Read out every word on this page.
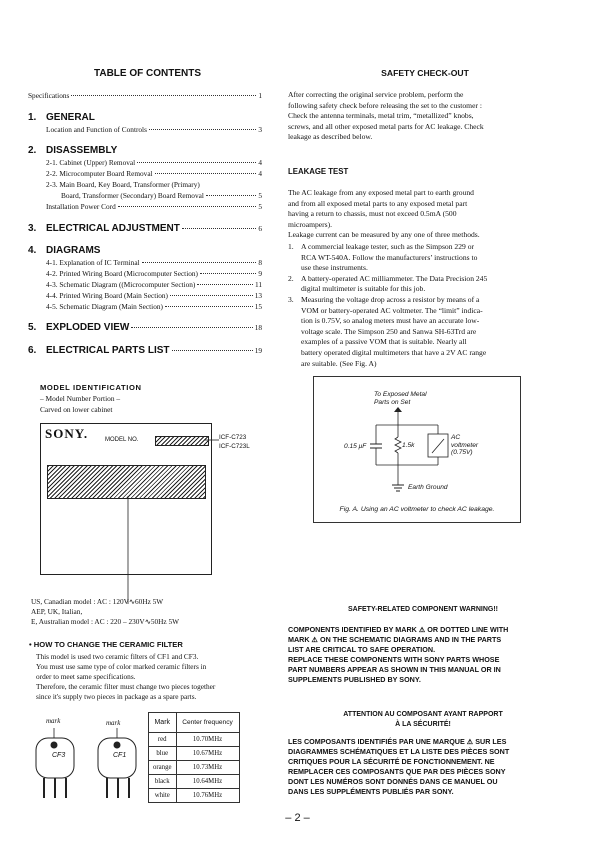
TABLE OF CONTENTS
Specifications	1
1. GENERAL
Location and Function of Controls	3
2. DISASSEMBLY
2-1. Cabinet (Upper) Removal	4
2-2. Microcomputer Board Removal	4
2-3. Main Board, Key Board, Transformer (Primary)
Board, Transformer (Secondary) Board Removal	5
Installation Power Cord	5
3. ELECTRICAL ADJUSTMENT	6
4. DIAGRAMS
4-1. Explanation of IC Terminal	8
4-2. Printed Wiring Board (Microcomputer Section)	9
4-3. Schematic Diagram ((Microcomputer Section)	11
4-4. Printed Wiring Board (Main Section)	13
4-5. Schematic Diagram (Main Section)	15
5. EXPLODED VIEW	18
6. ELECTRICAL PARTS LIST	19
MODEL IDENTIFICATION
– Model Number Portion –
Carved on lower cabinet
SONY.	MODEL NO.	ICF-C723
ICF-C723L
US, Canadian model : AC : 120V∿60Hz 5W
AEP, UK, Italian,
E, Australian model : AC : 220 – 230V∿50Hz 5W
• HOW TO CHANGE THE CERAMIC FILTER
This model is used two ceramic filters of CF1 and CF3.
You must use same type of color marked ceramic filters in
order to meet same specifications.
Therefore, the ceramic filter must change two pieces together
since it's supply two pieces in package as a spare parts.
mark	mark
CF3	CF1
Mark	Center frequency
red	10.70MHz
blue	10.67MHz
orange	10.73MHz
black	10.64MHz
white	10.76MHz
SAFETY CHECK-OUT
After correcting the original service problem, perform the
following safety check before releasing the set to the customer :
Check the antenna terminals, metal trim, “metallized” knobs,
screws, and all other exposed metal parts for AC leakage. Check
leakage as described below.
LEAKAGE TEST
The AC leakage from any exposed metal part to earth ground
and from all exposed metal parts to any exposed metal part
having a return to chassis, must not exceed 0.5mA (500
microampers).
Leakage current can be measured by any one of three methods.
1. A commercial leakage tester, such as the Simpson 229 or
RCA WT-540A. Follow the manufacturers’ instructions to
use these instruments.
2. A battery-operated AC milliammeter. The Data Precision 245
digital multimeter is suitable for this job.
3. Measuring the voltage drop across a resistor by means of a
VOM or battery-operated AC voltmeter. The “limit” indica-
tion is 0.75V, so analog meters must have an accurate low-
voltage scale. The Simpson 250 and Sanwa SH-63Trd are
examples of a passive VOM that is suitable. Nearly all
battery operated digital multimeters that have a 2V AC range
are suitable. (See Fig. A)
To Exposed Metal
Parts on Set
0.15 μF	1.5k
AC
voltmeter
(0.75V)
Earth Ground
Fig. A. Using an AC voltmeter to check AC leakage.
SAFETY-RELATED COMPONENT WARNING!!
COMPONENTS IDENTIFIED BY MARK ⚠ OR DOTTED LINE WITH
MARK ⚠ ON THE SCHEMATIC DIAGRAMS AND IN THE PARTS
LIST ARE CRITICAL TO SAFE OPERATION.
REPLACE THESE COMPONENTS WITH SONY PARTS WHOSE
PART NUMBERS APPEAR AS SHOWN IN THIS MANUAL OR IN
SUPPLEMENTS PUBLISHED BY SONY.
ATTENTION AU COMPOSANT AYANT RAPPORT
À LA SÉCURITÉ!
LES COMPOSANTS IDENTIFIÉS PAR UNE MARQUE ⚠ SUR LES
DIAGRAMMES SCHÉMATIQUES ET LA LISTE DES PIÈCES SONT
CRITIQUES POUR LA SÉCURITÉ DE FONCTIONNEMENT. NE
REMPLACER CES COMPOSANTS QUE PAR DES PIÈCES SONY
DONT LES NUMÉROS SONT DONNÉS DANS CE MANUEL OU
DANS LES SUPPLÉMENTS PUBLIÉS PAR SONY.
– 2 –
